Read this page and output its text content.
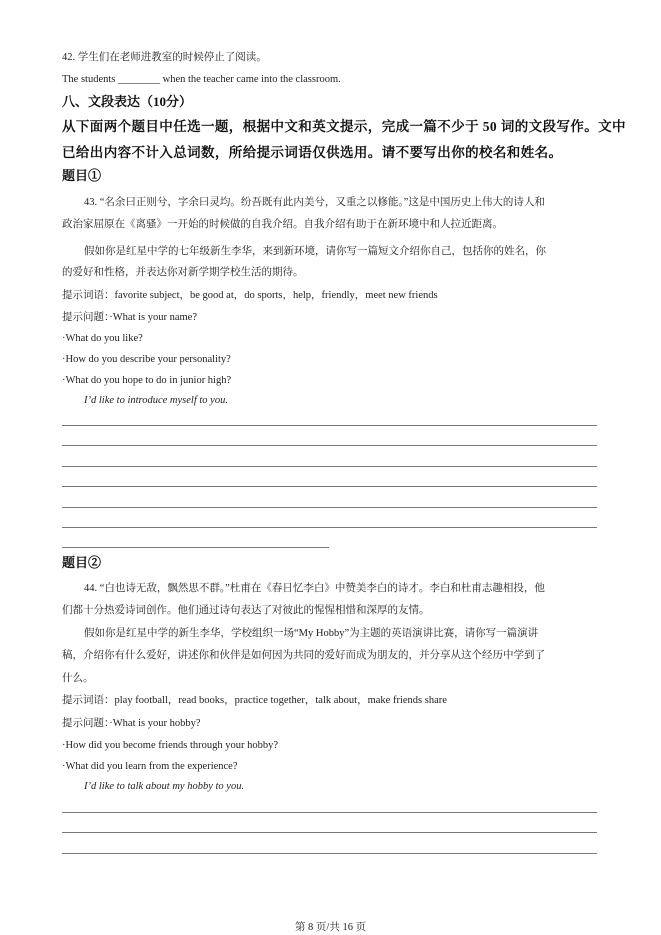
42. 学生们在老师进教室的时候停止了阅读。
The students ________ when the teacher came into the classroom.
八、文段表达（10分）
从下面两个题目中任选一题，根据中文和英文提示，完成一篇不少于 50 词的文段写作。文中
已给出内容不计入总词数，所给提示词语仅供选用。请不要写出你的校名和姓名。
题目①
43. “名余曰正则兮，字余曰灵均。纷吾既有此内美兮，又重之以修能。”这是中国历史上伟大的诗人和
政治家屈原在《离骚》一开始的时候做的自我介绍。自我介绍有助于在新环境中和人拉近距离。
假如你是红星中学的七年级新生李华，来到新环境，请你写一篇短文介绍你自己，包括你的姓名，你
的爱好和性格，并表达你对新学期学校生活的期待。
提示词语：favorite subject，be good at，do sports，help，friendly，meet new friends
提示问题：·What is your name?
·What do you like?
·How do you describe your personality?
·What do you hope to do in junior high?
I’d like to introduce myself to you.
题目②
44. “白也诗无敌，飘然思不群。”杜甫在《春日忆李白》中赞美李白的诗才。李白和杜甫志趣相投，他
们都十分热爱诗词创作。他们通过诗句表达了对彼此的惺惺相惜和深厚的友情。
假如你是红星中学的新生李华，学校组织一场“My Hobby”为主题的英语演讲比赛，请你写一篇演讲
稿，介绍你有什么爱好，讲述你和伙伴是如何因为共同的爱好而成为朋友的，并分享从这个经历中学到了
什么。
提示词语：play football，read books，practice together，talk about，make friends share
提示问题：·What is your hobby?
·How did you become friends through your hobby?
·What did you learn from the experience?
I’d like to talk about my hobby to you.
第 8 页/共 16 页
